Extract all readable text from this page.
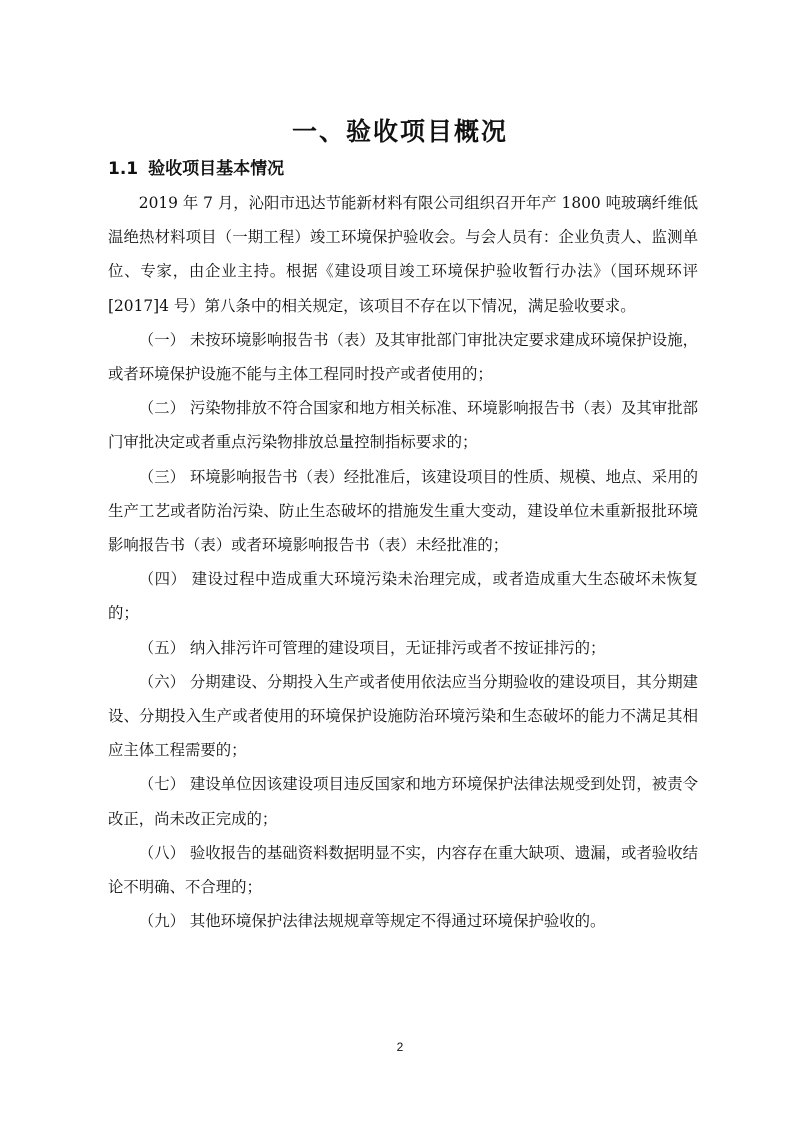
一、验收项目概况
1.1 验收项目基本情况

2019 年 7 月，沁阳市迅达节能新材料有限公司组织召开年产 1800 吨玻璃纤维低温绝热材料项目（一期工程）竣工环境保护验收会。与会人员有：企业负责人、监测单位、专家，由企业主持。根据《建设项目竣工环境保护验收暂行办法》（国环规环评[2017]4 号）第八条中的相关规定，该项目不存在以下情况，满足验收要求。

（一） 未按环境影响报告书（表）及其审批部门审批决定要求建成环境保护设施，或者环境保护设施不能与主体工程同时投产或者使用的；

（二） 污染物排放不符合国家和地方相关标准、环境影响报告书（表）及其审批部门审批决定或者重点污染物排放总量控制指标要求的；

（三） 环境影响报告书（表）经批准后，该建设项目的性质、规模、地点、采用的生产工艺或者防治污染、防止生态破坏的措施发生重大变动，建设单位未重新报批环境影响报告书（表）或者环境影响报告书（表）未经批准的；

（四） 建设过程中造成重大环境污染未治理完成，或者造成重大生态破坏未恢复的；

（五） 纳入排污许可管理的建设项目，无证排污或者不按证排污的；

（六） 分期建设、分期投入生产或者使用依法应当分期验收的建设项目，其分期建设、分期投入生产或者使用的环境保护设施防治环境污染和生态破坏的能力不满足其相应主体工程需要的；

（七） 建设单位因该建设项目违反国家和地方环境保护法律法规受到处罚，被责令改正，尚未改正完成的；

（八） 验收报告的基础资料数据明显不实，内容存在重大缺项、遗漏，或者验收结论不明确、不合理的；

（九） 其他环境保护法律法规规章等规定不得通过环境保护验收的。

2
